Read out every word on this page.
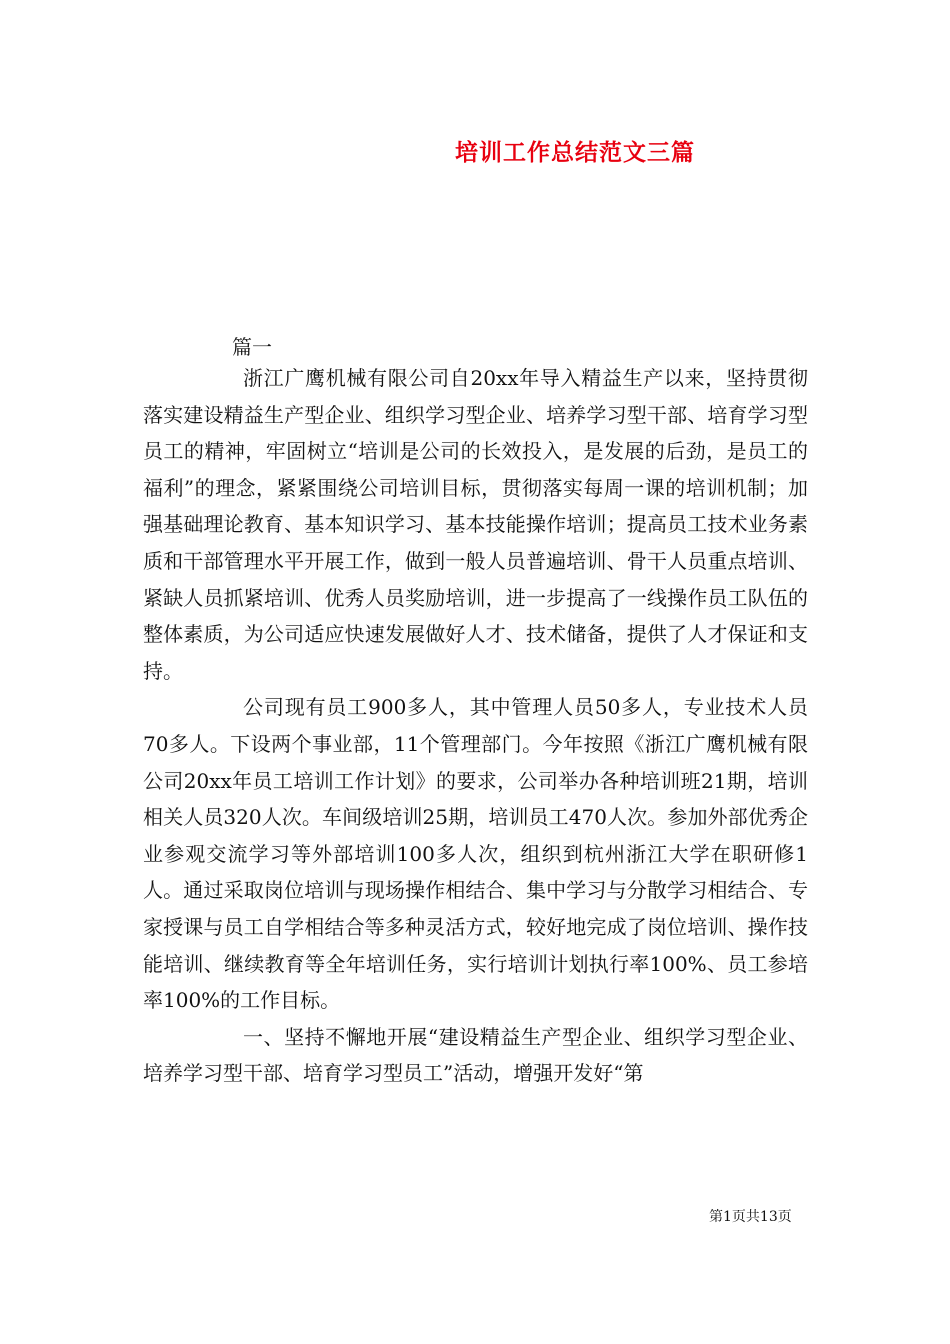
培训工作总结范文三篇
篇一

浙江广鹰机械有限公司自20xx年导入精益生产以来，坚持贯彻落实建设精益生产型企业、组织学习型企业、培养学习型干部、培育学习型员工的精神，牢固树立“培训是公司的长效投入，是发展的后劲，是员工的福利”的理念，紧紧围绕公司培训目标，贯彻落实每周一课的培训机制；加强基础理论教育、基本知识学习、基本技能操作培训；提高员工技术业务素质和干部管理水平开展工作，做到一般人员普遍培训、骨干人员重点培训、紧缺人员抓紧培训、优秀人员奖励培训，进一步提高了一线操作员工队伍的整体素质，为公司适应快速发展做好人才、技术储备，提供了人才保证和支持。

公司现有员工900多人，其中管理人员50多人，专业技术人员70多人。下设两个事业部，11个管理部门。今年按照《浙江广鹰机械有限公司20xx年员工培训工作计划》的要求，公司举办各种培训班21期，培训相关人员320人次。车间级培训25期，培训员工470人次。参加外部优秀企业参观交流学习等外部培训100多人次，组织到杭州浙江大学在职研修1人。通过采取岗位培训与现场操作相结合、集中学习与分散学习相结合、专家授课与员工自学相结合等多种灵活方式，较好地完成了岗位培训、操作技能培训、继续教育等全年培训任务，实行培训计划执行率100%、员工参培率100%的工作目标。

一、坚持不懈地开展“建设精益生产型企业、组织学习型企业、培养学习型干部、培育学习型员工”活动，增强开发好“第

第1页共13页
